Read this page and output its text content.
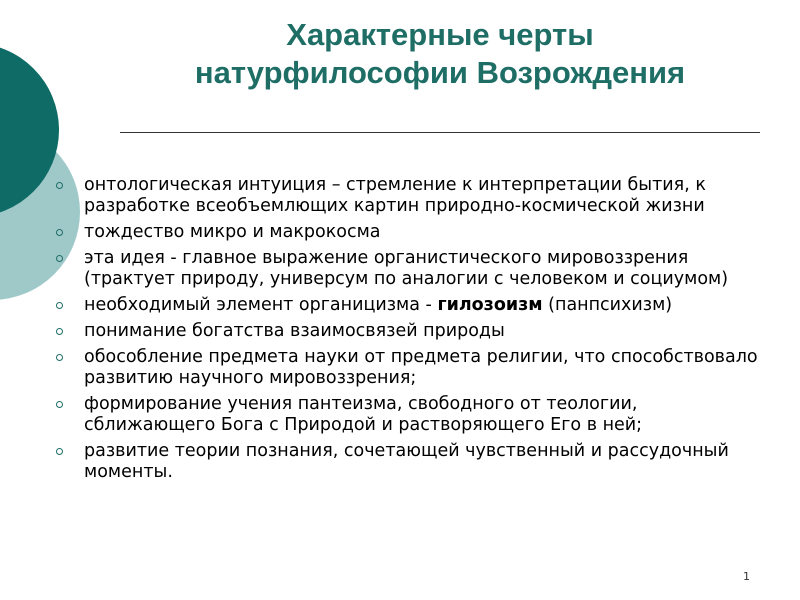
Характерные черты
натурфилософии Возрождения
онтологическая интуиция – стремление к интерпретации бытия, к разработке всеобъемлющих картин природно-космической жизни
тождество микро и макрокосма
эта идея - главное выражение органистического мировоззрения (трактует природу, универсум по аналогии с человеком и социумом)
необходимый элемент органицизма - гилозоизм (панпсихизм)
понимание богатства взаимосвязей природы
обособление предмета науки от предмета религии, что способствовало развитию научного мировоззрения;
формирование учения пантеизма, свободного от теологии, сближающего Бога с Природой и растворяющего Его в ней;
развитие теории познания, сочетающей чувственный и рассудочный моменты.
1
